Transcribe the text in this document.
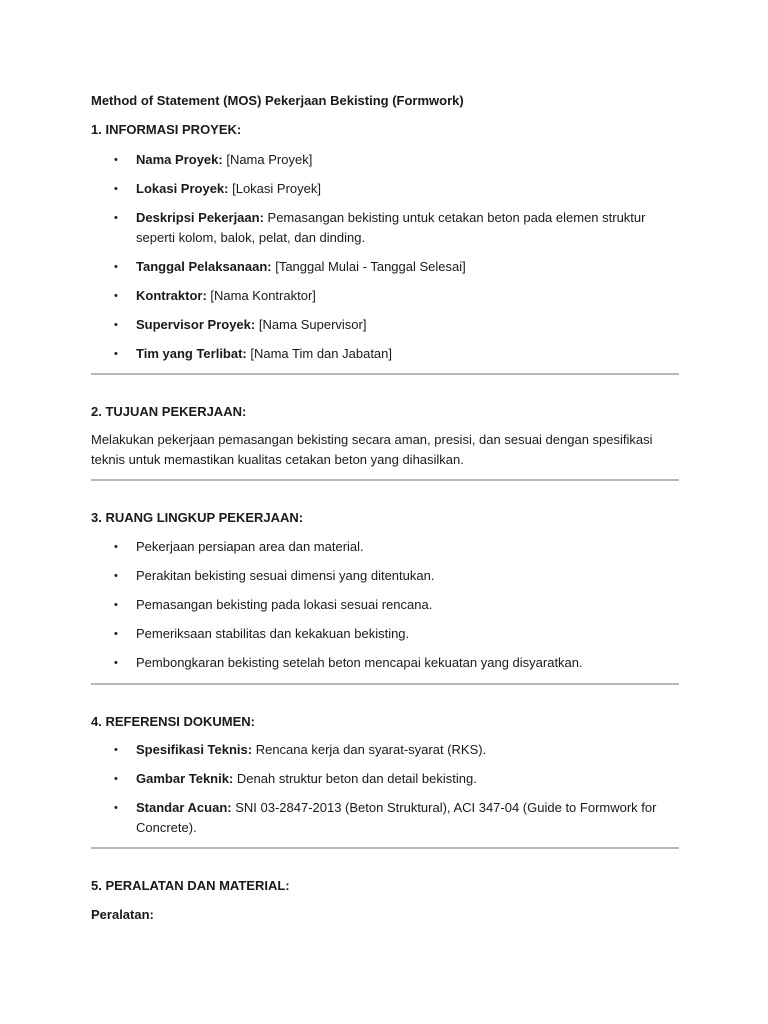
Method of Statement (MOS) Pekerjaan Bekisting (Formwork)
1. INFORMASI PROYEK:
• Nama Proyek: [Nama Proyek]
• Lokasi Proyek: [Lokasi Proyek]
• Deskripsi Pekerjaan: Pemasangan bekisting untuk cetakan beton pada elemen struktur seperti kolom, balok, pelat, dan dinding.
• Tanggal Pelaksanaan: [Tanggal Mulai - Tanggal Selesai]
• Kontraktor: [Nama Kontraktor]
• Supervisor Proyek: [Nama Supervisor]
• Tim yang Terlibat: [Nama Tim dan Jabatan]
2. TUJUAN PEKERJAAN:
Melakukan pekerjaan pemasangan bekisting secara aman, presisi, dan sesuai dengan spesifikasi teknis untuk memastikan kualitas cetakan beton yang dihasilkan.
3. RUANG LINGKUP PEKERJAAN:
• Pekerjaan persiapan area dan material.
• Perakitan bekisting sesuai dimensi yang ditentukan.
• Pemasangan bekisting pada lokasi sesuai rencana.
• Pemeriksaan stabilitas dan kekakuan bekisting.
• Pembongkaran bekisting setelah beton mencapai kekuatan yang disyaratkan.
4. REFERENSI DOKUMEN:
• Spesifikasi Teknis: Rencana kerja dan syarat-syarat (RKS).
• Gambar Teknik: Denah struktur beton dan detail bekisting.
• Standar Acuan: SNI 03-2847-2013 (Beton Struktural), ACI 347-04 (Guide to Formwork for Concrete).
5. PERALATAN DAN MATERIAL:
Peralatan:
